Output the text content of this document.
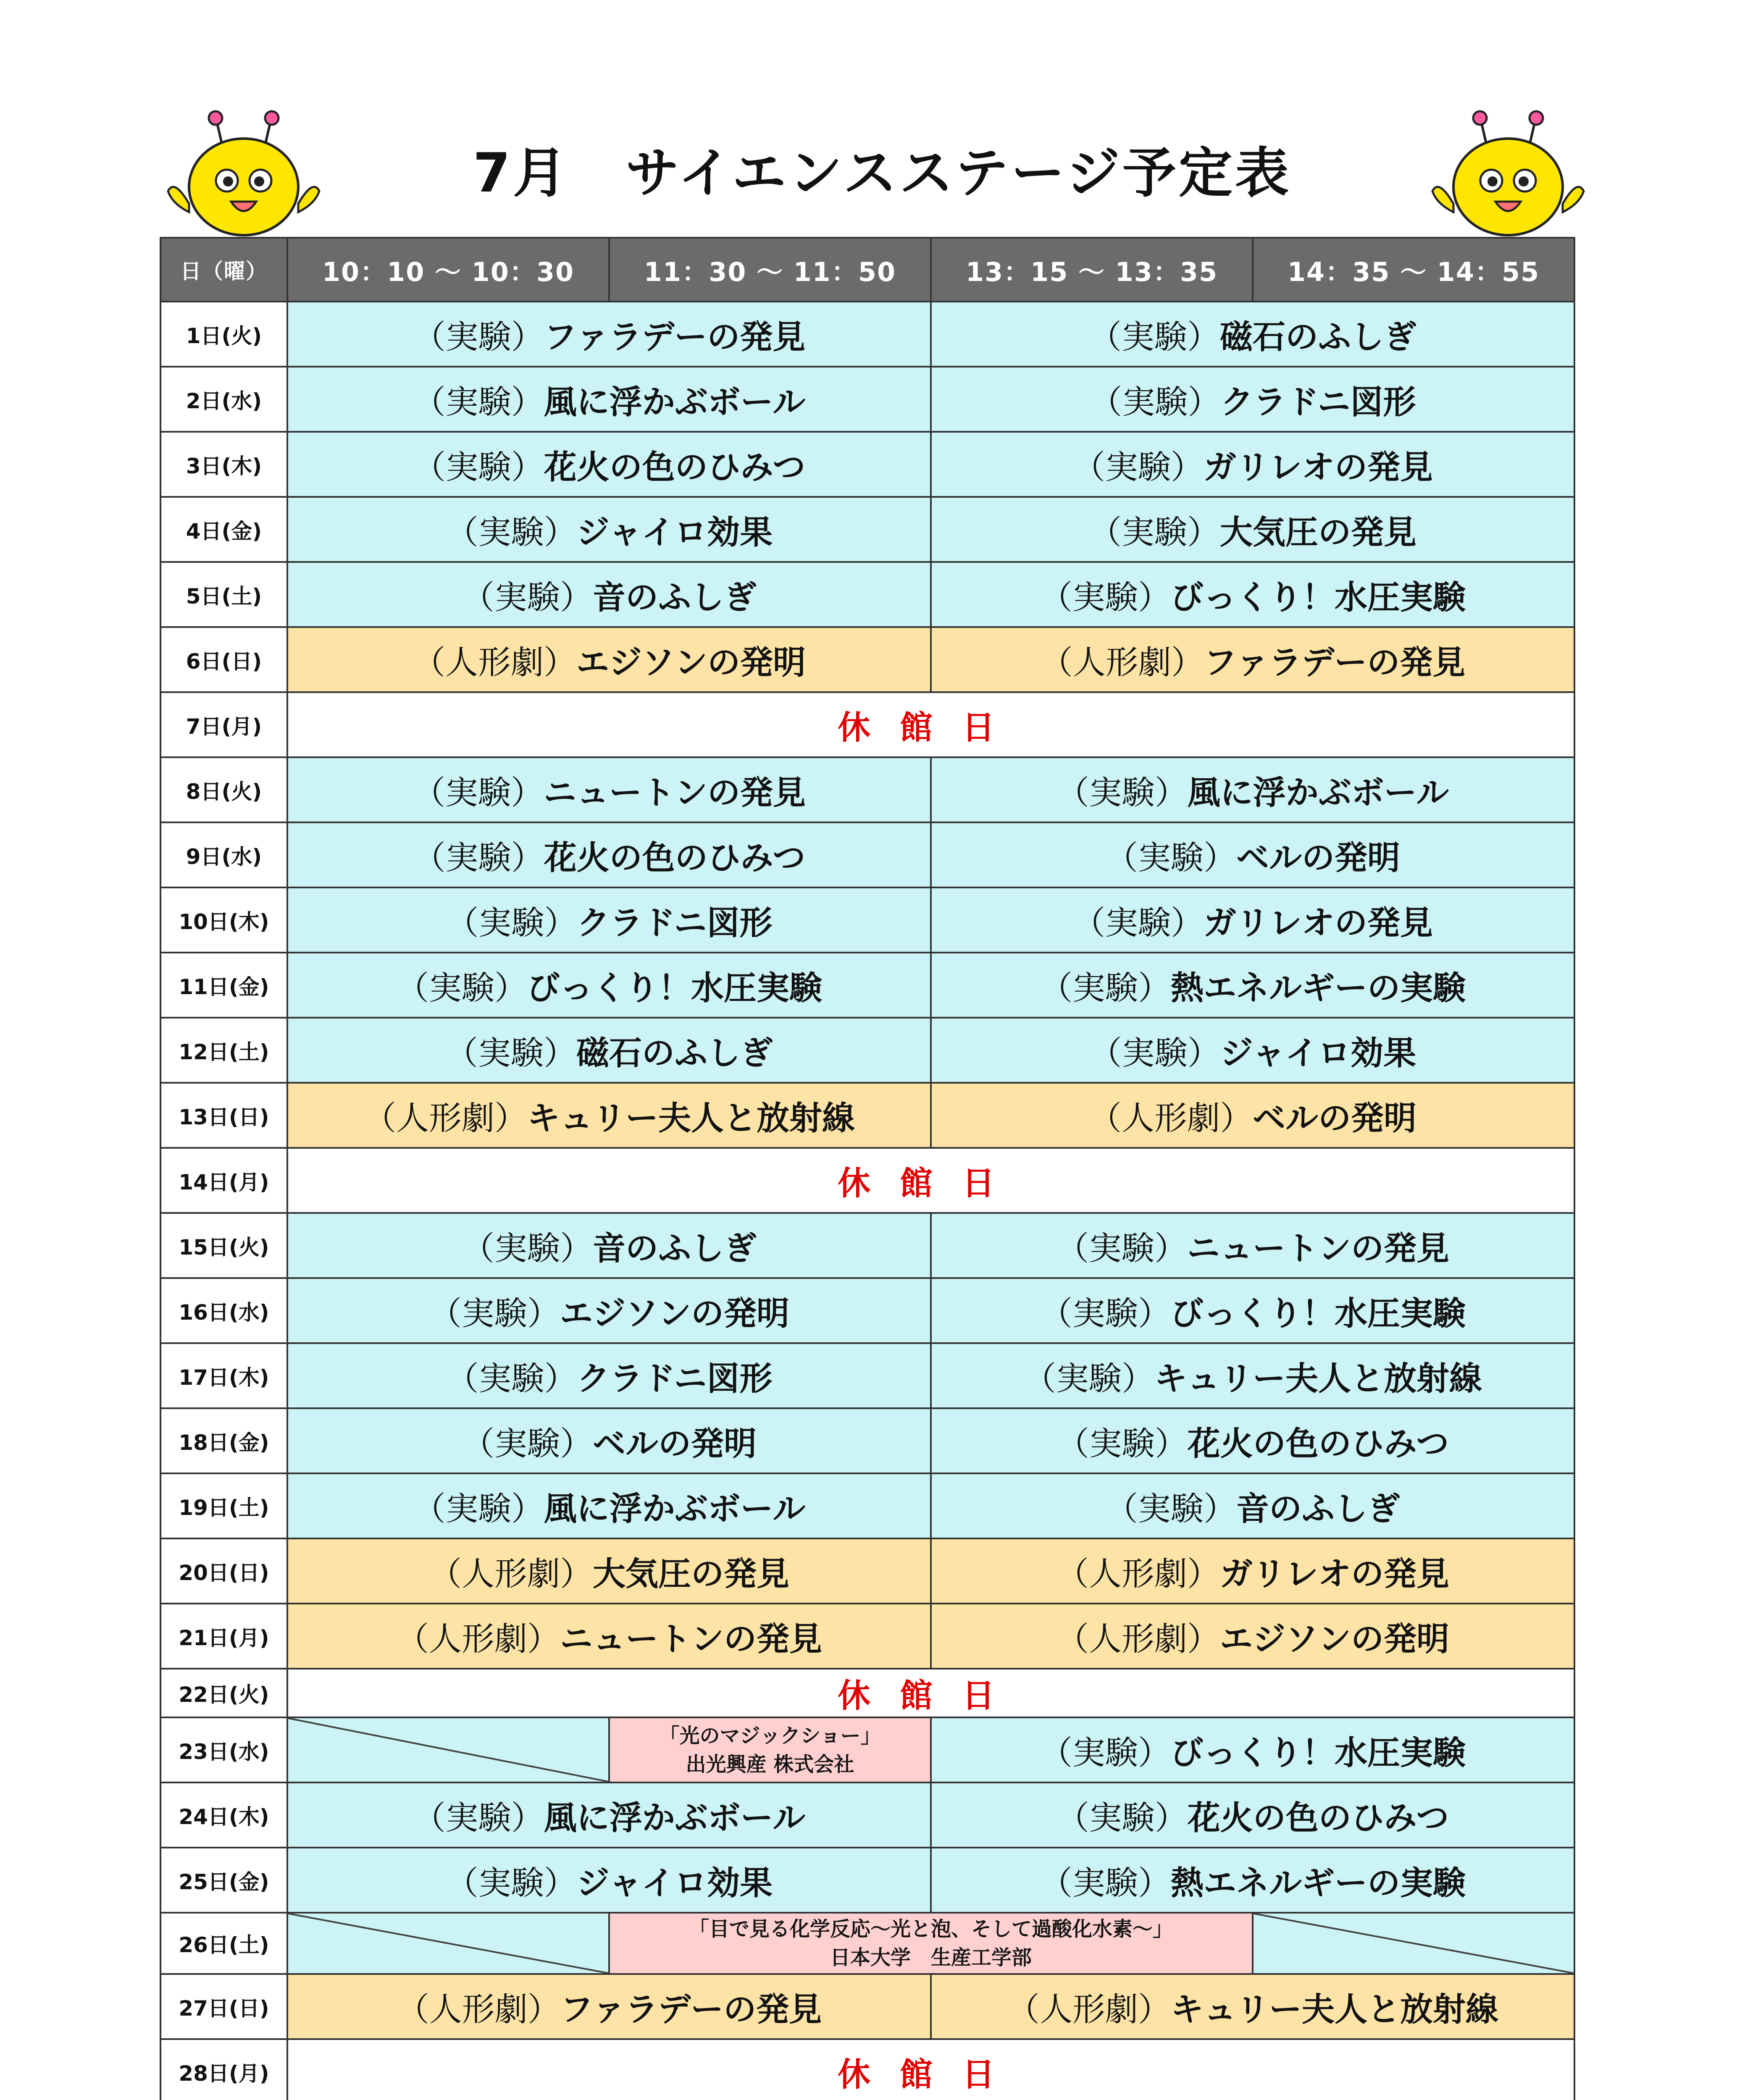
7月　サイエンスステージ予定表
日（曜）	10：10 ～ 10：30	11：30 ～ 11：50	13：15 ～ 13：35	14：35 ～ 14：55
1日(火)	（実験）ファラデーの発見		（実験）磁石のふしぎ	
2日(水)	（実験）風に浮かぶボール		（実験）クラドニ図形	
3日(木)	（実験）花火の色のひみつ		（実験）ガリレオの発見	
4日(金)	（実験）ジャイロ効果		（実験）大気圧の発見	
5日(土)	（実験）音のふしぎ		（実験）びっくり！水圧実験	
6日(日)	（人形劇）エジソンの発明		（人形劇）ファラデーの発見	
7日(月)	休館日			
8日(火)	（実験）ニュートンの発見		（実験）風に浮かぶボール	
9日(水)	（実験）花火の色のひみつ		（実験）ベルの発明	
10日(木)	（実験）クラドニ図形		（実験）ガリレオの発見	
11日(金)	（実験）びっくり！水圧実験		（実験）熱エネルギーの実験	
12日(土)	（実験）磁石のふしぎ		（実験）ジャイロ効果	
13日(日)	（人形劇）キュリー夫人と放射線		（人形劇）ベルの発明	
14日(月)	休館日			
15日(火)	（実験）音のふしぎ		（実験）ニュートンの発見	
16日(水)	（実験）エジソンの発明		（実験）びっくり！水圧実験	
17日(木)	（実験）クラドニ図形		（実験）キュリー夫人と放射線	
18日(金)	（実験）ベルの発明		（実験）花火の色のひみつ	
19日(土)	（実験）風に浮かぶボール		（実験）音のふしぎ	
20日(日)	（人形劇）大気圧の発見		（人形劇）ガリレオの発見	
21日(月)	（人形劇）ニュートンの発見		（人形劇）エジソンの発明	
22日(火)	休館日			
23日(水)		「光のマジックショー」
出光興産 株式会社	（実験）びっくり！水圧実験	
24日(木)	（実験）風に浮かぶボール		（実験）花火の色のひみつ	
25日(金)	（実験）ジャイロ効果		（実験）熱エネルギーの実験	
26日(土)		「目で見る化学反応～光と泡、そして過酸化水素～」
日本大学　生産工学部		

27日(日)	（人形劇）ファラデーの発見		（人形劇）キュリー夫人と放射線	
28日(月)	休館日			
